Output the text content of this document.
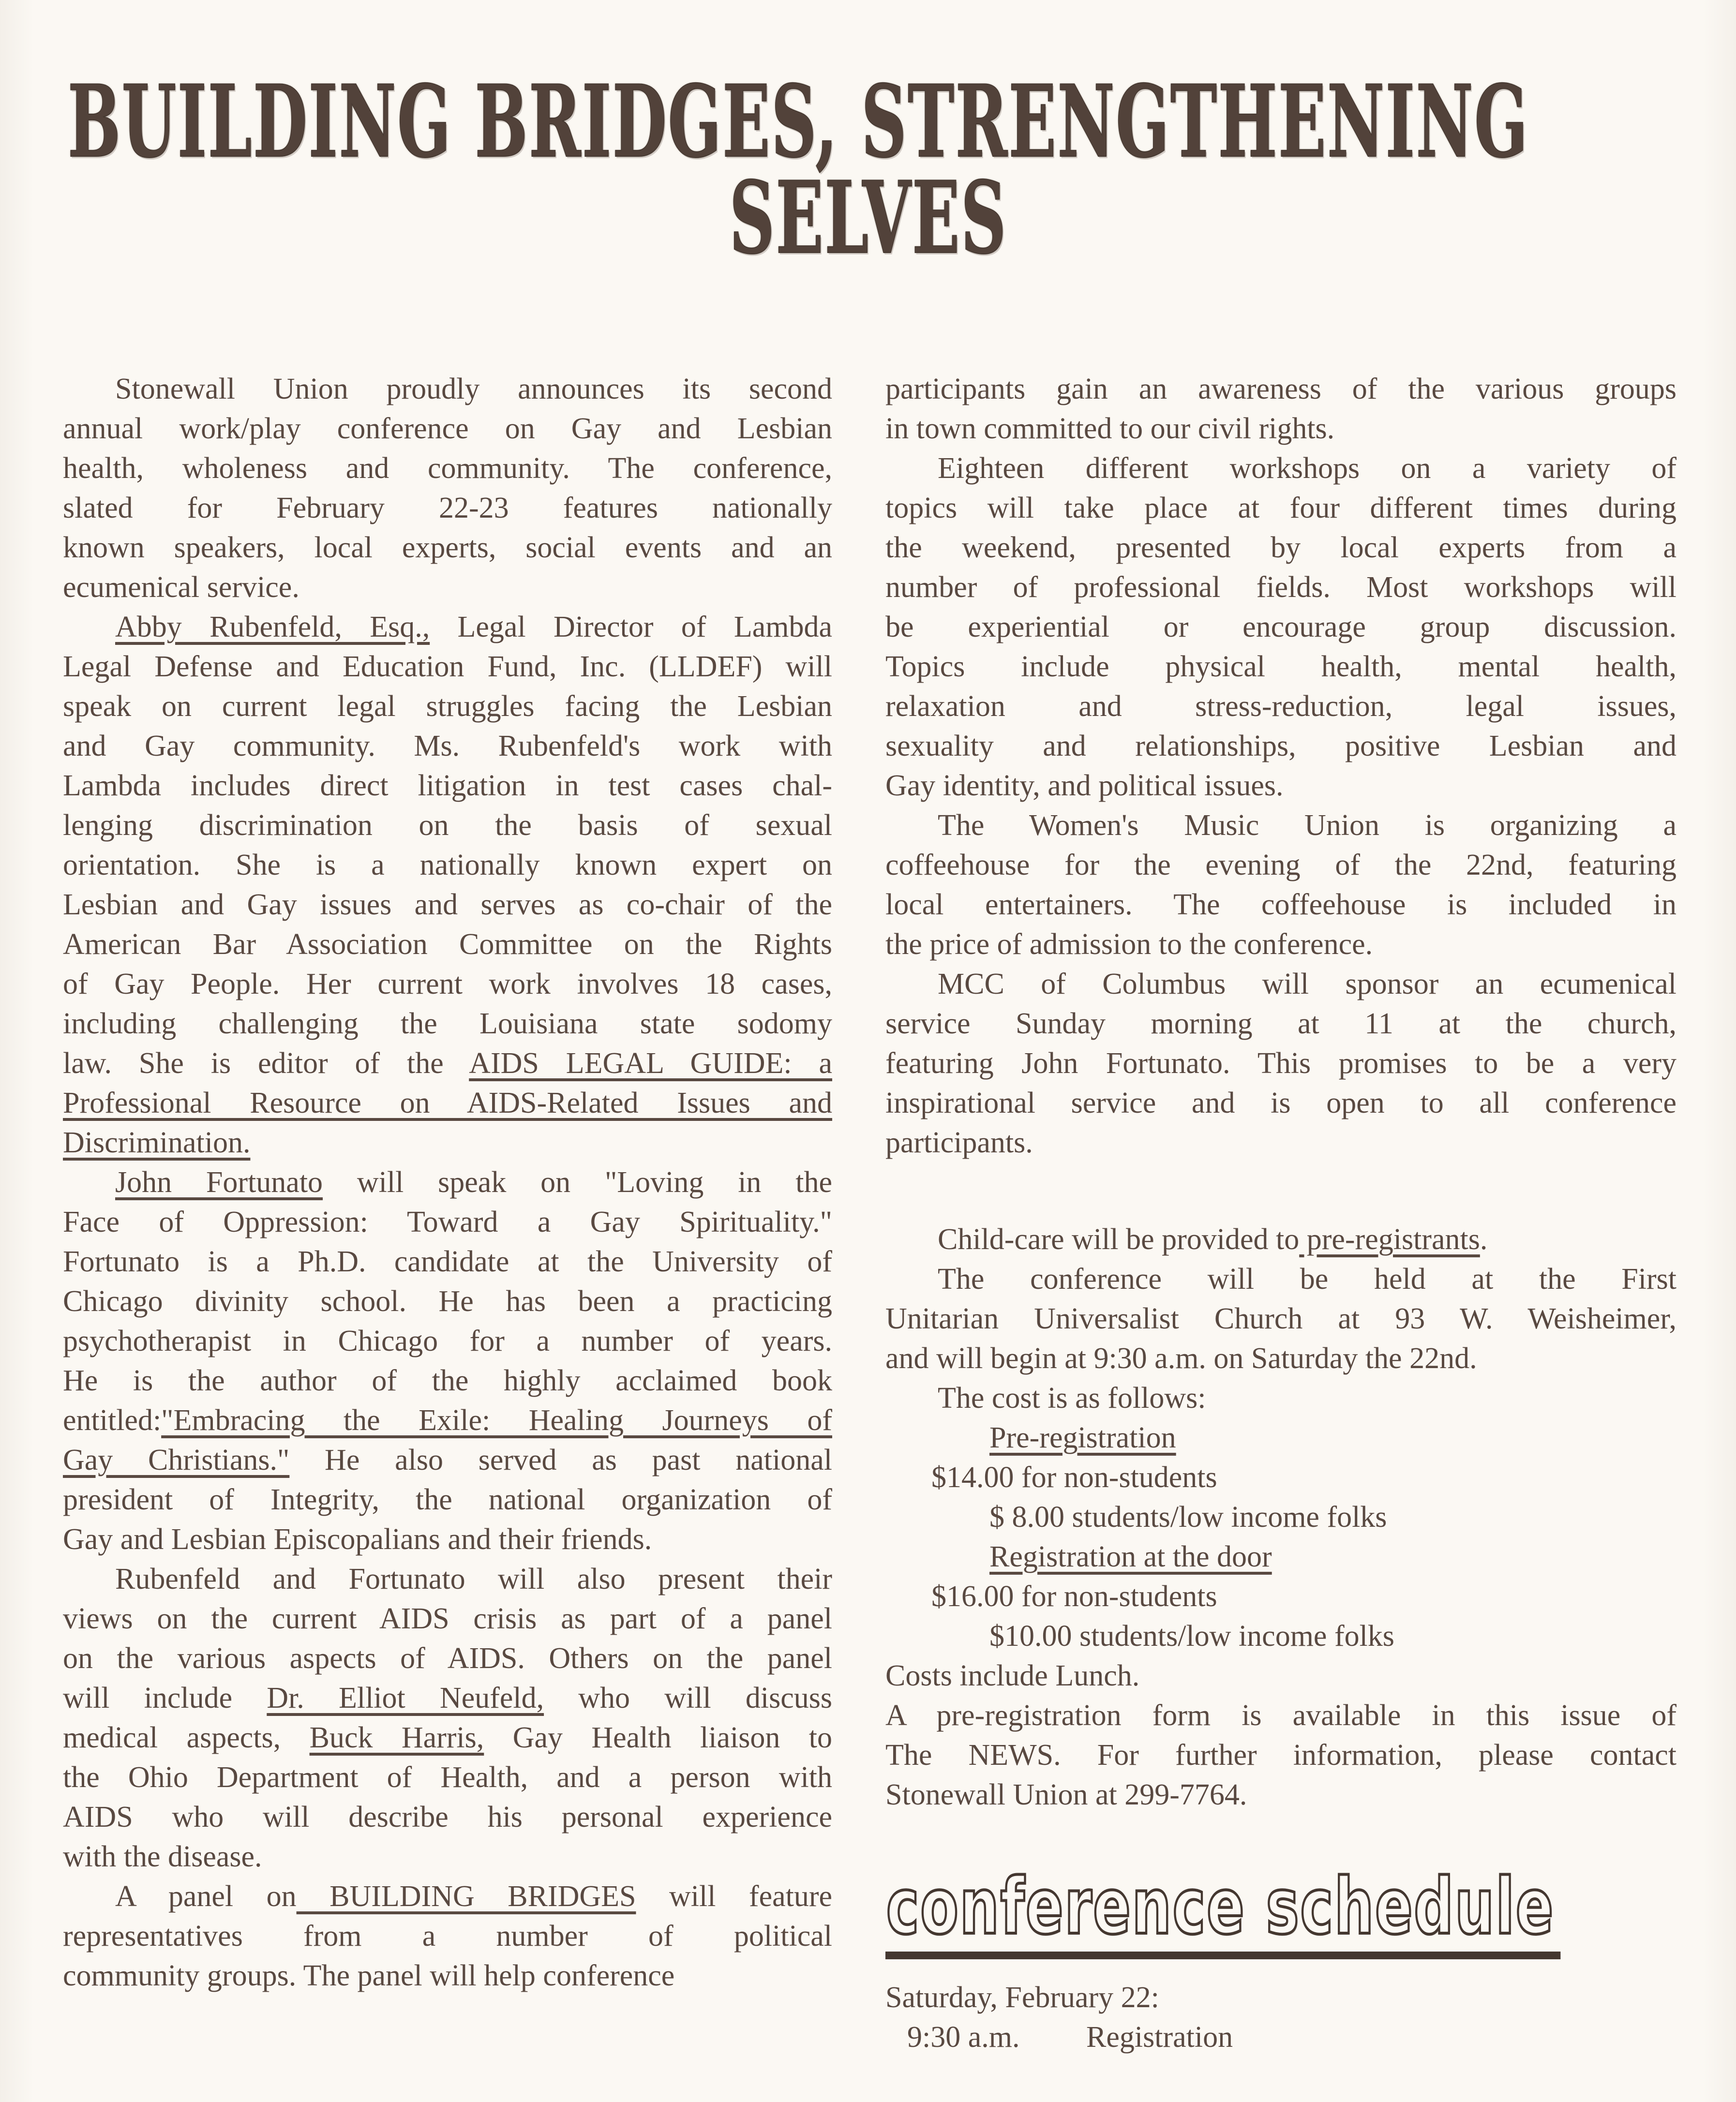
BUILDING BRIDGES, STRENGTHENING
SELVES
Stonewall Union proudly announces its second
annual work/play conference on Gay and Lesbian
health, wholeness and community. The conference,
slated for February 22-23 features nationally
known speakers, local experts, social events and an
ecumenical service.
Abby Rubenfeld, Esq., Legal Director of Lambda
Legal Defense and Education Fund, Inc. (LLDEF) will
speak on current legal struggles facing the Lesbian
and Gay community. Ms. Rubenfeld's work with
Lambda includes direct litigation in test cases chal-
lenging discrimination on the basis of sexual
orientation. She is a nationally known expert on
Lesbian and Gay issues and serves as co-chair of the
American Bar Association Committee on the Rights
of Gay People. Her current work involves 18 cases,
including challenging the Louisiana state sodomy
law. She is editor of the AIDS LEGAL GUIDE: a
Professional Resource on AIDS-Related Issues and
Discrimination.
John Fortunato will speak on "Loving in the
Face of Oppression: Toward a Gay Spirituality."
Fortunato is a Ph.D. candidate at the University of
Chicago divinity school. He has been a practicing
psychotherapist in Chicago for a number of years.
He is the author of the highly acclaimed book
entitled:"Embracing the Exile: Healing Journeys of
Gay Christians." He also served as past national
president of Integrity, the national organization of
Gay and Lesbian Episcopalians and their friends.
Rubenfeld and Fortunato will also present their
views on the current AIDS crisis as part of a panel
on the various aspects of AIDS. Others on the panel
will include Dr. Elliot Neufeld, who will discuss
medical aspects, Buck Harris, Gay Health liaison to
the Ohio Department of Health, and a person with
AIDS who will describe his personal experience
with the disease.
A panel on BUILDING BRIDGES will feature
representatives from a number of political
community groups. The panel will help conference
participants gain an awareness of the various groups
in town committed to our civil rights.
Eighteen different workshops on a variety of
topics will take place at four different times during
the weekend, presented by local experts from a
number of professional fields. Most workshops will
be experiential or encourage group discussion.
Topics include physical health, mental health,
relaxation and stress-reduction, legal issues,
sexuality and relationships, positive Lesbian and
Gay identity, and political issues.
The Women's Music Union is organizing a
coffeehouse for the evening of the 22nd, featuring
local entertainers. The coffeehouse is included in
the price of admission to the conference.
MCC of Columbus will sponsor an ecumenical
service Sunday morning at 11 at the church,
featuring John Fortunato. This promises to be a very
inspirational service and is open to all conference
participants.
Child-care will be provided to pre-registrants.
The conference will be held at the First
Unitarian Universalist Church at 93 W. Weisheimer,
and will begin at 9:30 a.m. on Saturday the 22nd.
The cost is as follows:
Pre-registration
$14.00 for non-students
$ 8.00 students/low income folks
Registration at the door
$16.00 for non-students
$10.00 students/low income folks
Costs include Lunch.
A pre-registration form is available in this issue of
The NEWS. For further information, please contact
Stonewall Union at 299-7764.
conference schedule
Saturday, February 22:
9:30 a.m. Registration
